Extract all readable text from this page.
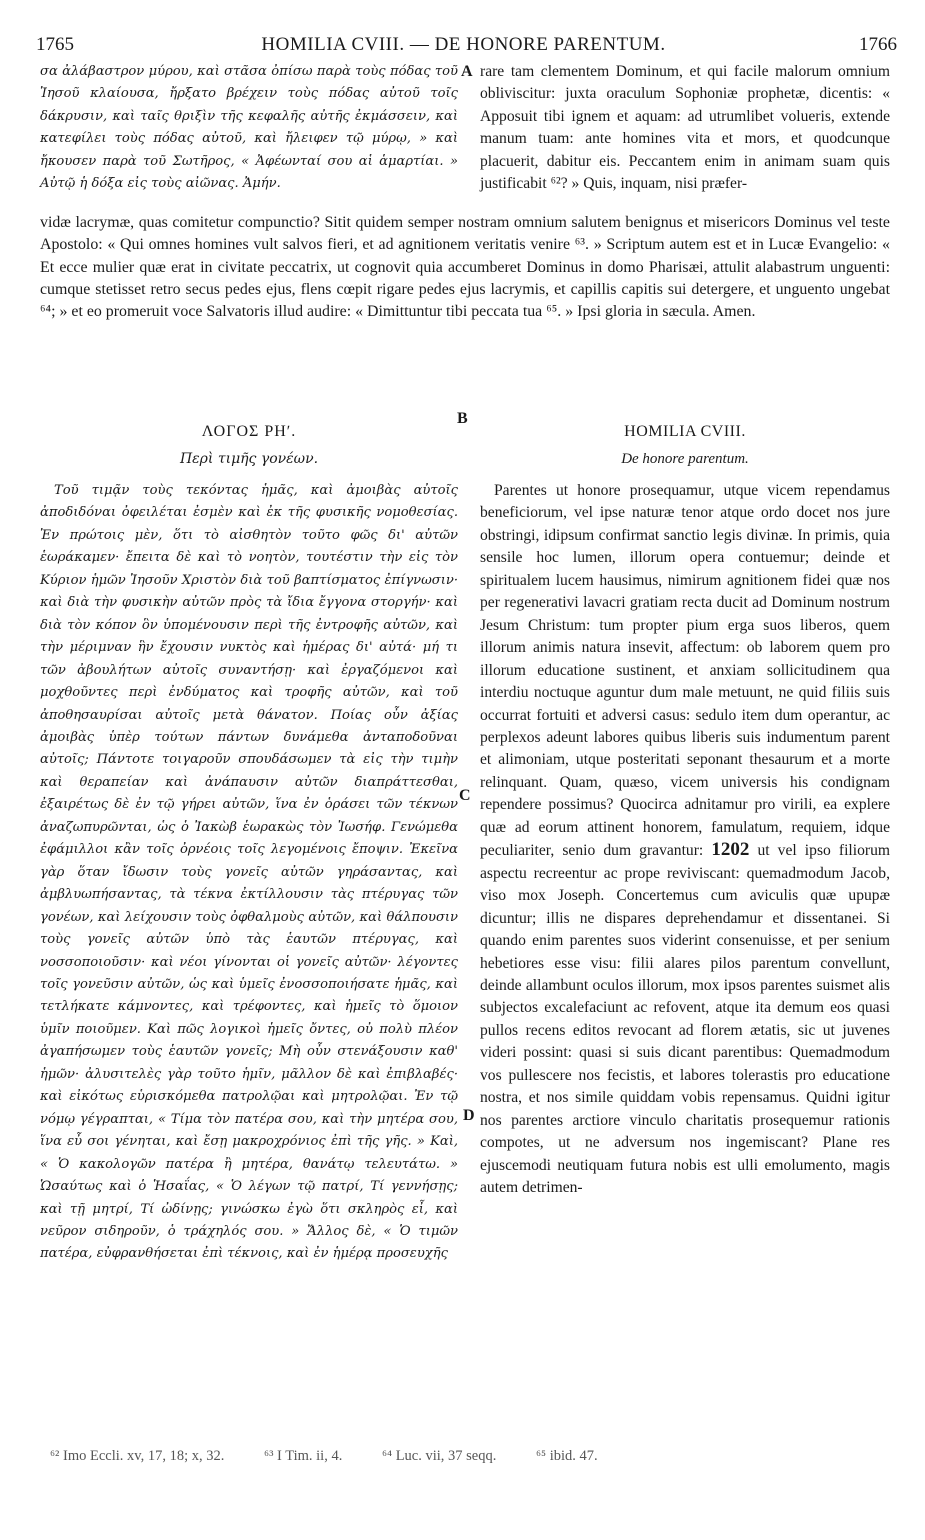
1765	HOMILIA CVIII. — DE HONORE PARENTUM.	1766

σα ἀλάβαστρον μύρου, καὶ στᾶσα ὀπίσω παρὰ τοὺς πόδας τοῦ Ἰησοῦ κλαίουσα, ἤρξατο βρέχειν τοὺς πόδας αὐτοῦ τοῖς δάκρυσιν, καὶ ταῖς θριξὶν τῆς κεφαλῆς αὐτῆς ἐκμάσσειν, καὶ κατεφίλει τοὺς πόδας αὐτοῦ, καὶ ἤλειφεν τῷ μύρῳ, » καὶ ἤκουσεν παρὰ τοῦ Σωτῆρος, « Ἀφέωνταί σου αἱ ἁμαρτίαι. » Αὐτῷ ἡ δόξα εἰς τοὺς αἰῶνας. Ἀμήν.

A rare tam clementem Dominum, et qui facile malorum omnium obliviscitur: juxta oraculum Sophoniæ prophetæ, dicentis: « Apposuit tibi ignem et aquam: ad utrumlibet volueris, extende manum tuam: ante homines vita et mors, et quodcunque placuerit, dabitur eis. Peccantem enim in animam suam quis justificabit ⁶²? » Quis, inquam, nisi præfer-

vidæ lacrymæ, quas comitetur compunctio? Sitit quidem semper nostram omnium salutem benignus et misericors Dominus vel teste Apostolo: « Qui omnes homines vult salvos fieri, et ad agnitionem veritatis venire ⁶³. » Scriptum autem est et in Lucæ Evangelio: « Et ecce mulier quæ erat in civitate peccatrix, ut cognovit quia accumberet Dominus in domo Pharisæi, attulit alabastrum unguenti: cumque stetisset retro secus pedes ejus, flens cœpit rigare pedes ejus lacrymis, et capillis capitis sui detergere, et unguento ungebat ⁶⁴; » et eo promeruit voce Salvatoris illud audire: « Dimittuntur tibi peccata tua ⁶⁵. » Ipsi gloria in sæcula. Amen.

B
ΛΟΓΟΣ ΡΗʹ.
Περὶ τιμῆς γονέων.
HOMILIA CVIII.
De honore parentum.

Τοῦ τιμᾷν τοὺς τεκόντας ἡμᾶς, καὶ ἀμοιβὰς αὐτοῖς ἀποδιδόναι ὀφειλέται ἐσμὲν καὶ ἐκ τῆς φυσικῆς νομοθεσίας. Ἐν πρώτοις μὲν, ὅτι τὸ αἰσθητὸν τοῦτο φῶς δι' αὐτῶν ἑωράκαμεν· ἔπειτα δὲ καὶ τὸ νοητὸν, τουτέστιν τὴν εἰς τὸν Κύριον ἡμῶν Ἰησοῦν Χριστὸν διὰ τοῦ βαπτίσματος ἐπίγνωσιν· καὶ διὰ τὴν φυσικὴν αὐτῶν πρὸς τὰ ἴδια ἔγγονα στοργήν· καὶ διὰ τὸν κόπον ὃν ὑπομένουσιν περὶ τῆς ἐντροφῆς αὐτῶν, καὶ τὴν μέριμναν ἣν ἔχουσιν νυκτὸς καὶ ἡμέρας δι' αὐτά· μή τι τῶν ἀβουλήτων αὐτοῖς συναντήσῃ· καὶ ἐργαζόμενοι καὶ μοχθοῦντες περὶ ἐνδύματος καὶ τροφῆς αὐτῶν, καὶ τοῦ ἀποθησαυρίσαι αὐτοῖς μετὰ θάνατον. Ποίας οὖν ἀξίας ἀμοιβὰς ὑπὲρ τούτων πάντων δυνάμεθα ἀνταποδοῦναι αὐτοῖς; Πάντοτε τοιγαροῦν σπουδάσωμεν τὰ εἰς τὴν τιμὴν καὶ θεραπείαν καὶ ἀνάπαυσιν αὐτῶν διαπράττεσθαι, ἐξαιρέτως δὲ ἐν τῷ γήρει αὐτῶν, ἵνα ἐν ὁράσει τῶν τέκνων ἀναζωπυρῶνται, ὡς ὁ Ἰακὼβ ἑωρακὼς τὸν Ἰωσήφ. Γενώμεθα ἐφάμιλλοι κἂν τοῖς ὀρνέοις τοῖς λεγομένοις ἔποψιν. Ἐκεῖνα γὰρ ὅταν ἴδωσιν τοὺς γονεῖς αὐτῶν γηράσαντας, καὶ ἀμβλυωπήσαντας, τὰ τέκνα ἐκτίλλουσιν τὰς πτέρυγας τῶν γονέων, καὶ λείχουσιν τοὺς ὀφθαλμοὺς αὐτῶν, καὶ θάλπουσιν τοὺς γονεῖς αὐτῶν ὑπὸ τὰς ἑαυτῶν πτέρυγας, καὶ νοσσοποιοῦσιν· καὶ νέοι γίνονται οἱ γονεῖς αὐτῶν· λέγοντες τοῖς γονεῦσιν αὐτῶν, ὡς καὶ ὑμεῖς ἐνοσσοποιήσατε ἡμᾶς, καὶ τετλήκατε κάμνοντες, καὶ τρέφοντες, καὶ ἡμεῖς τὸ ὅμοιον ὑμῖν ποιοῦμεν. Καὶ πῶς λογικοὶ ἡμεῖς ὄντες, οὐ πολὺ πλέον ἀγαπήσωμεν τοὺς ἑαυτῶν γονεῖς; Μὴ οὖν στενάξουσιν καθ' ἡμῶν· ἀλυσιτελὲς γὰρ τοῦτο ἡμῖν, μᾶλλον δὲ καὶ ἐπιβλαβές· καὶ εἰκότως εὑρισκόμεθα πατρολῷαι καὶ μητρολῷαι. Ἐν τῷ νόμῳ γέγραπται, « Τίμα τὸν πατέρα σου, καὶ τὴν μητέρα σου, ἵνα εὖ σοι γένηται, καὶ ἔσῃ μακροχρόνιος ἐπὶ τῆς γῆς. » Καὶ, « Ὁ κακολογῶν πατέρα ἢ μητέρα, θανάτῳ τελευτάτω. » Ὡσαύτως καὶ ὁ Ἡσαΐας, « Ὁ λέγων τῷ πατρί, Τί γεννήσῃς; καὶ τῇ μητρί, Τί ὠδίνῃς; γινώσκω ἐγὼ ὅτι σκληρὸς εἶ, καὶ νεῦρον σιδηροῦν, ὁ τράχηλός σου. » Ἄλλος δὲ, « Ὁ τιμῶν πατέρα, εὐφρανθήσεται ἐπὶ τέκνοις, καὶ ἐν ἡμέρᾳ προσευχῆς

C
D

Parentes ut honore prosequamur, utque vicem rependamus beneficiorum, vel ipse naturæ tenor atque ordo docet nos jure obstringi, idipsum confirmat sanctio legis divinæ. In primis, quia sensile hoc lumen, illorum opera contuemur; deinde et spiritualem lucem hausimus, nimirum agnitionem fidei quæ nos per regenerativi lavacri gratiam recta ducit ad Dominum nostrum Jesum Christum: tum propter pium erga suos liberos, quem illorum animis natura insevit, affectum: ob laborem quem pro illorum educatione sustinent, et anxiam sollicitudinem qua interdiu noctuque aguntur dum male metuunt, ne quid filiis suis occurrat fortuiti et adversi casus: sedulo item dum operantur, ac perplexos adeunt labores quibus liberis suis indumentum parent et alimoniam, utque posteritati seponant thesaurum et a morte relinquant. Quam, quæso, vicem universis his condignam rependere possimus? Quocirca adnitamur pro virili, ea explere quæ ad eorum attinent honorem, famulatum, requiem, idque peculiariter, senio dum gravantur: 1202 ut vel ipso filiorum aspectu recreentur ac prope reviviscant: quemadmodum Jacob, viso mox Joseph. Concertemus cum aviculis quæ upupæ dicuntur; illis ne dispares deprehendamur et dissentanei. Si quando enim parentes suos viderint consenuisse, et per senium hebetiores esse visu: filii alares pilos parentum convellunt, deinde allambunt oculos illorum, mox ipsos parentes suismet alis subjectos excalefaciunt ac refovent, atque ita demum eos quasi pullos recens editos revocant ad florem ætatis, sic ut juvenes videri possint: quasi si suis dicant parentibus: Quemadmodum vos pullescere nos fecistis, et labores tolerastis pro educatione nostra, et nos simile quiddam vobis repensamus. Quidni igitur nos parentes arctiore vinculo charitatis prosequemur rationis compotes, ut ne adversum nos ingemiscant? Plane res ejuscemodi neutiquam futura nobis est ulli emolumento, magis autem detrimen-

⁶² Imo Eccli. xv, 17, 18; x, 32.	⁶³ I Tim. ii, 4.	⁶⁴ Luc. vii, 37 seqq.	⁶⁵ ibid. 47.
